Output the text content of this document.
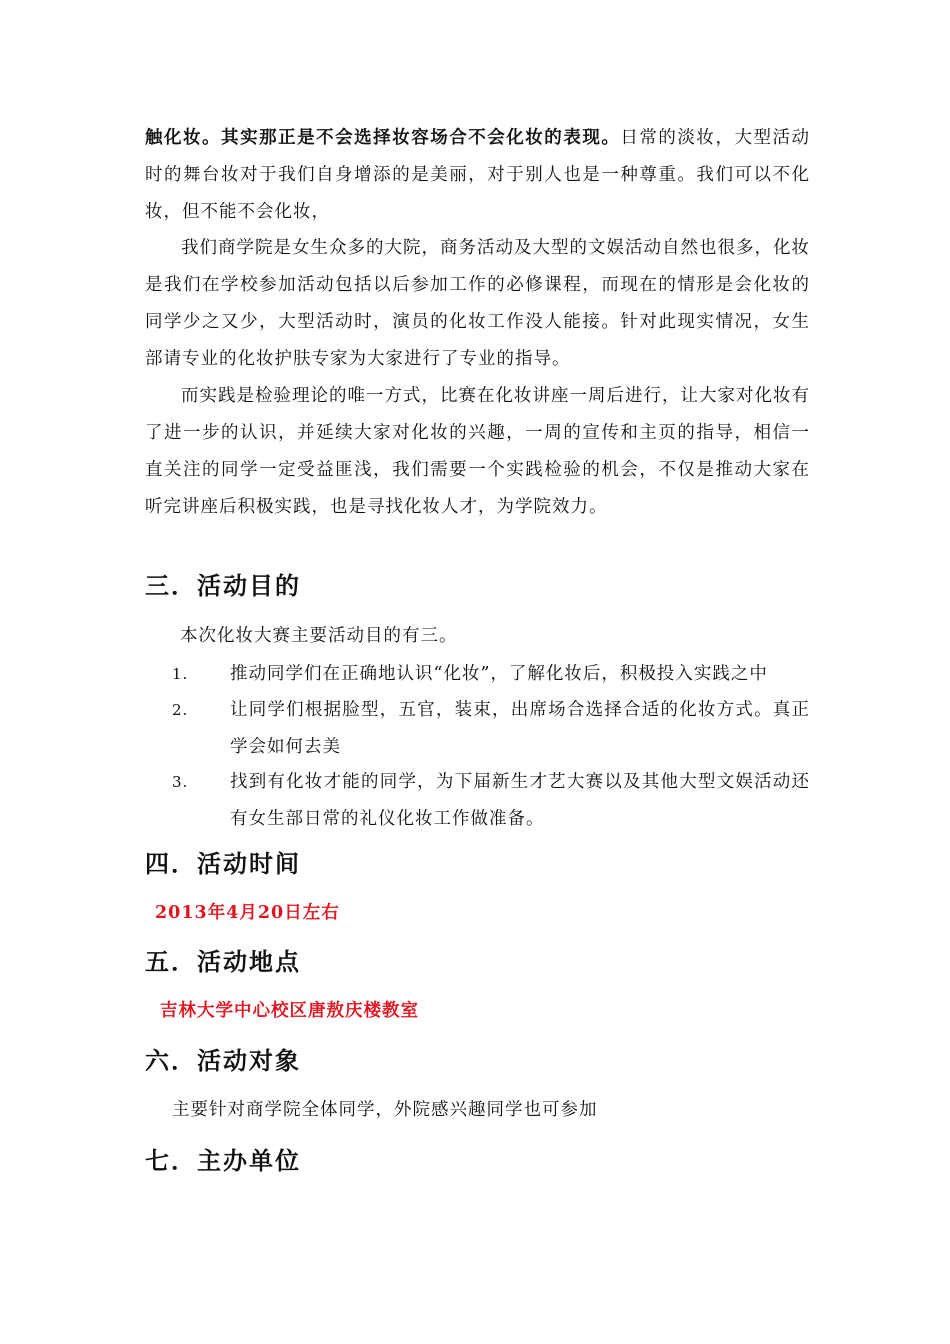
触化妆。其实那正是不会选择妆容场合不会化妆的表现。日常的淡妆，大型活动时的舞台妆对于我们自身增添的是美丽，对于别人也是一种尊重。我们可以不化妆，但不能不会化妆，

我们商学院是女生众多的大院，商务活动及大型的文娱活动自然也很多，化妆是我们在学校参加活动包括以后参加工作的必修课程，而现在的情形是会化妆的同学少之又少，大型活动时，演员的化妆工作没人能接。针对此现实情况，女生部请专业的化妆护肤专家为大家进行了专业的指导。

而实践是检验理论的唯一方式，比赛在化妆讲座一周后进行，让大家对化妆有了进一步的认识，并延续大家对化妆的兴趣，一周的宣传和主页的指导，相信一直关注的同学一定受益匪浅，我们需要一个实践检验的机会，不仅是推动大家在听完讲座后积极实践，也是寻找化妆人才，为学院效力。

三．活动目的

本次化妆大赛主要活动目的有三。

1.	推动同学们在正确地认识“化妆”，了解化妆后，积极投入实践之中
2.	让同学们根据脸型，五官，装束，出席场合选择合适的化妆方式。真正学会如何去美
3.	找到有化妆才能的同学，为下届新生才艺大赛以及其他大型文娱活动还有女生部日常的礼仪化妆工作做准备。
四．活动时间

2013年4月20日左右

五．活动地点

吉林大学中心校区唐敖庆楼教室

六．活动对象

主要针对商学院全体同学，外院感兴趣同学也可参加

七．主办单位
